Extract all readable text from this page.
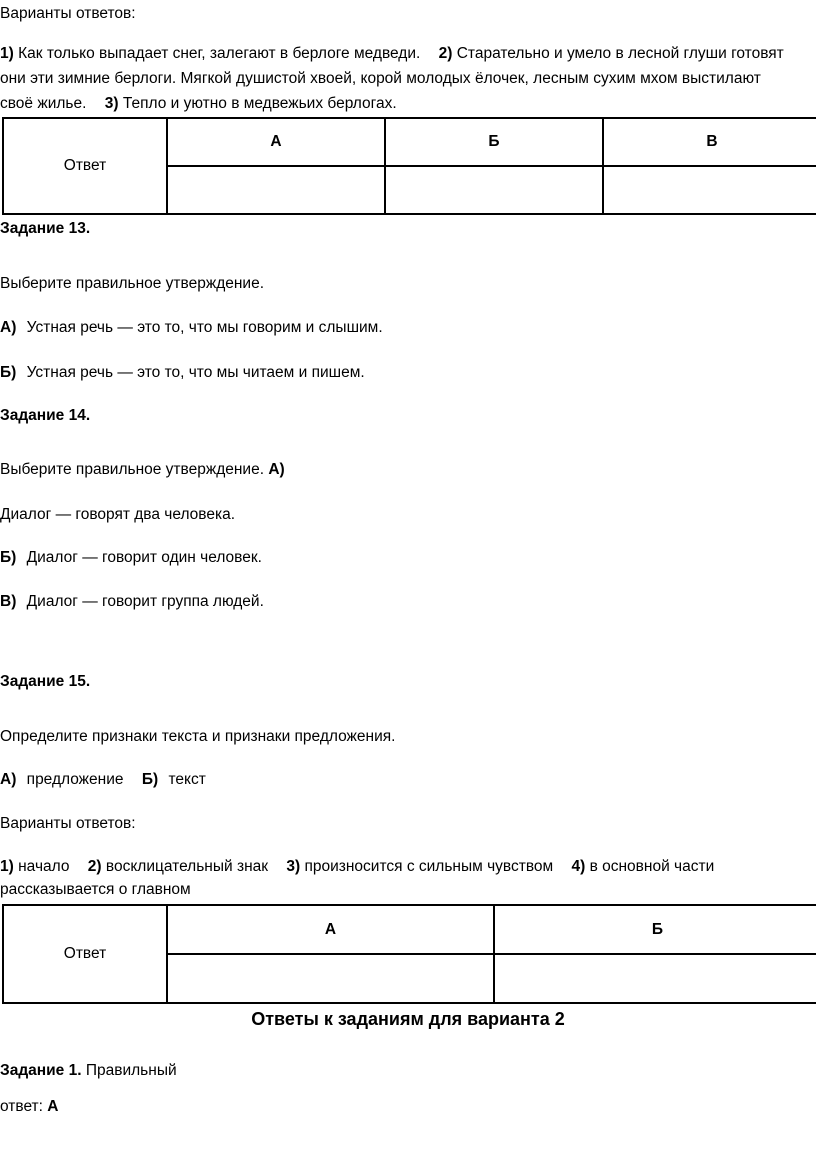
Варианты ответов:
1) Как только выпадает снег, залегают в берлоге медведи. 2) Старательно и умело в лесной глуши готовят
они эти зимние берлоги. Мягкой душистой хвоей, корой молодых ёлочек, лесным сухим мхом выстилают
своё жилье. 3) Тепло и уютно в медвежьих берлогах.
Ответ	А	Б	В

Задание 13.
Выберите правильное утверждение.
А) Устная речь — это то, что мы говорим и слышим.
Б) Устная речь — это то, что мы читаем и пишем.
Задание 14.
Выберите правильное утверждение. А)
Диалог — говорят два человека.
Б) Диалог — говорит один человек.
В) Диалог — говорит группа людей.
Задание 15.
Определите признаки текста и признаки предложения.
А) предложение Б) текст
Варианты ответов:
1) начало 2) восклицательный знак 3) произносится с сильным чувством 4) в основной части
рассказывается о главном
Ответ	А	Б

Ответы к заданиям для варианта 2
Задание 1. Правильный
ответ: А
